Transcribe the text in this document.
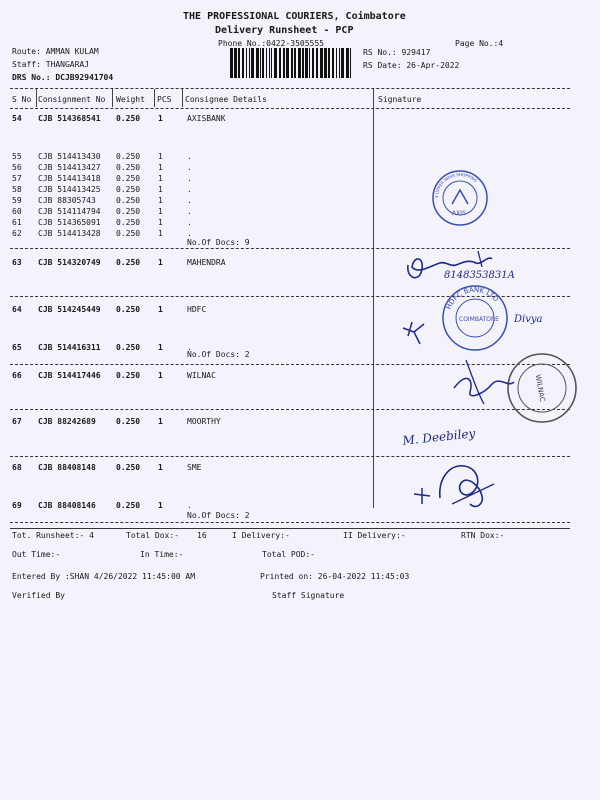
THE PROFESSIONAL COURIERS, Coimbatore
Delivery Runsheet - PCP
Phone No.:0422-3505555	Page No.:4
Route: AMMAN KULAM
Staff: THANGARAJ
DRS No.: DCJB92941704
RS No.: 929417
RS Date: 26-Apr-2022
S No Consignment No Weight PCS Consignee Details	Signature
54 CJB 514368541 0.250 1	AXISBANK
55 CJB 514413430 0.250 1	.
56 CJB 514413427 0.250 1	.
57 CJB 514413418 0.250 1	.
58 CJB 514413425 0.250 1	.
59 CJB 88305743	0.250 1	.
60 CJB 514114794 0.250 1	.
61 CJB 514365091 0.250 1	.
62 CJB 514413428 0.250 1	.
63 CJB 514320749 0.250 1	MAHENDRA
64 CJB 514245449 0.250 1	HDFC
65 CJB 514416311 0.250 1	.
66 CJB 514417446 0.250 1	WILNAC
67 CJB 88242689	0.250 1	MOORTHY
68 CJB 88408148	0.250 1	SME
69 CJB 88408146	0.250 1	.
No.Of Docs: 9
No.Of Docs: 2
No.Of Docs: 2
4 UPPER INDIA SHOPPING
AXIS
8148353831A
HDFC BANK LTD
COIMBATORE Divya
WILNAC
M. Deebiley
Tot. Runsheet:- 4	Total Dox:- 16	I Delivery:-	II Delivery:-	RTN Dox:-
Out Time:-	In Time:-	Total POD:-
Entered By :SHAN 4/26/2022 11:45:00 AM	Printed on: 26-04-2022 11:45:03
Verified By	Staff Signature
